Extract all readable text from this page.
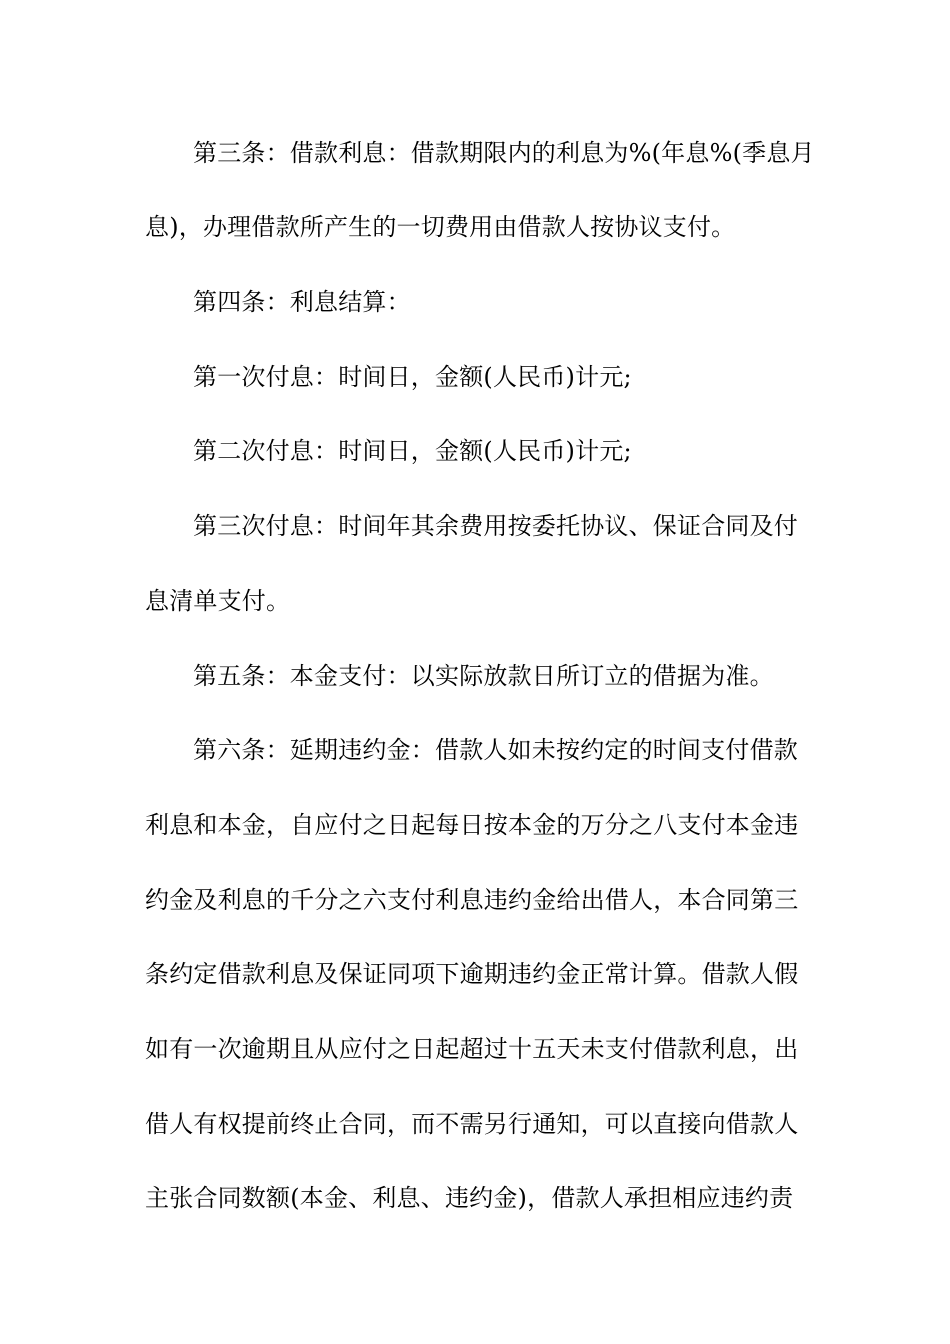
第三条：借款利息：借款期限内的利息为%(年息%(季息月
息)，办理借款所产生的一切费用由借款人按协议支付。
第四条：利息结算：
第一次付息：时间日，金额(人民币)计元;
第二次付息：时间日，金额(人民币)计元;
第三次付息：时间年其余费用按委托协议、保证合同及付
息清单支付。
第五条：本金支付：以实际放款日所订立的借据为准。
第六条：延期违约金：借款人如未按约定的时间支付借款
利息和本金，自应付之日起每日按本金的万分之八支付本金违
约金及利息的千分之六支付利息违约金给出借人，本合同第三
条约定借款利息及保证同项下逾期违约金正常计算。借款人假
如有一次逾期且从应付之日起超过十五天未支付借款利息，出
借人有权提前终止合同，而不需另行通知，可以直接向借款人
主张合同数额(本金、利息、违约金)，借款人承担相应违约责
